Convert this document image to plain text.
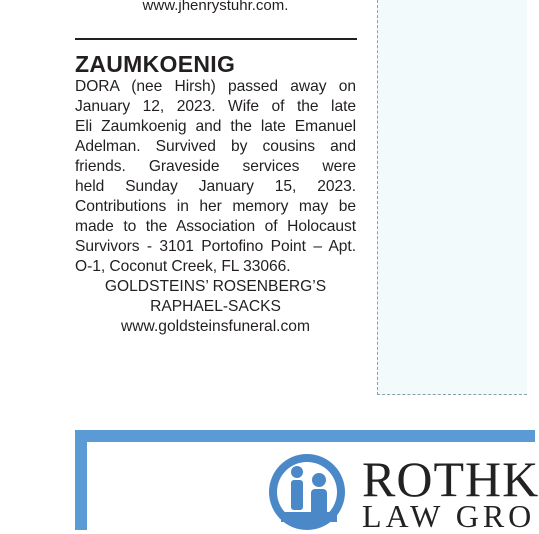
www.jhenrystuhr.com.
ZAUMKOENIG
DORA (nee Hirsh) passed away on
January 12, 2023. Wife of the late
Eli Zaumkoenig and the late Emanuel
Adelman. Survived by cousins and
friends. Graveside services were
held Sunday January 15, 2023.
Contributions in her memory may be
made to the Association of Holocaust
Survivors - 3101 Portofino Point – Apt.
O-1, Coconut Creek, FL 33066.
GOLDSTEINS’ ROSENBERG’S
RAPHAEL-SACKS
www.goldsteinsfuneral.com
ROTHK
LAW GRO
